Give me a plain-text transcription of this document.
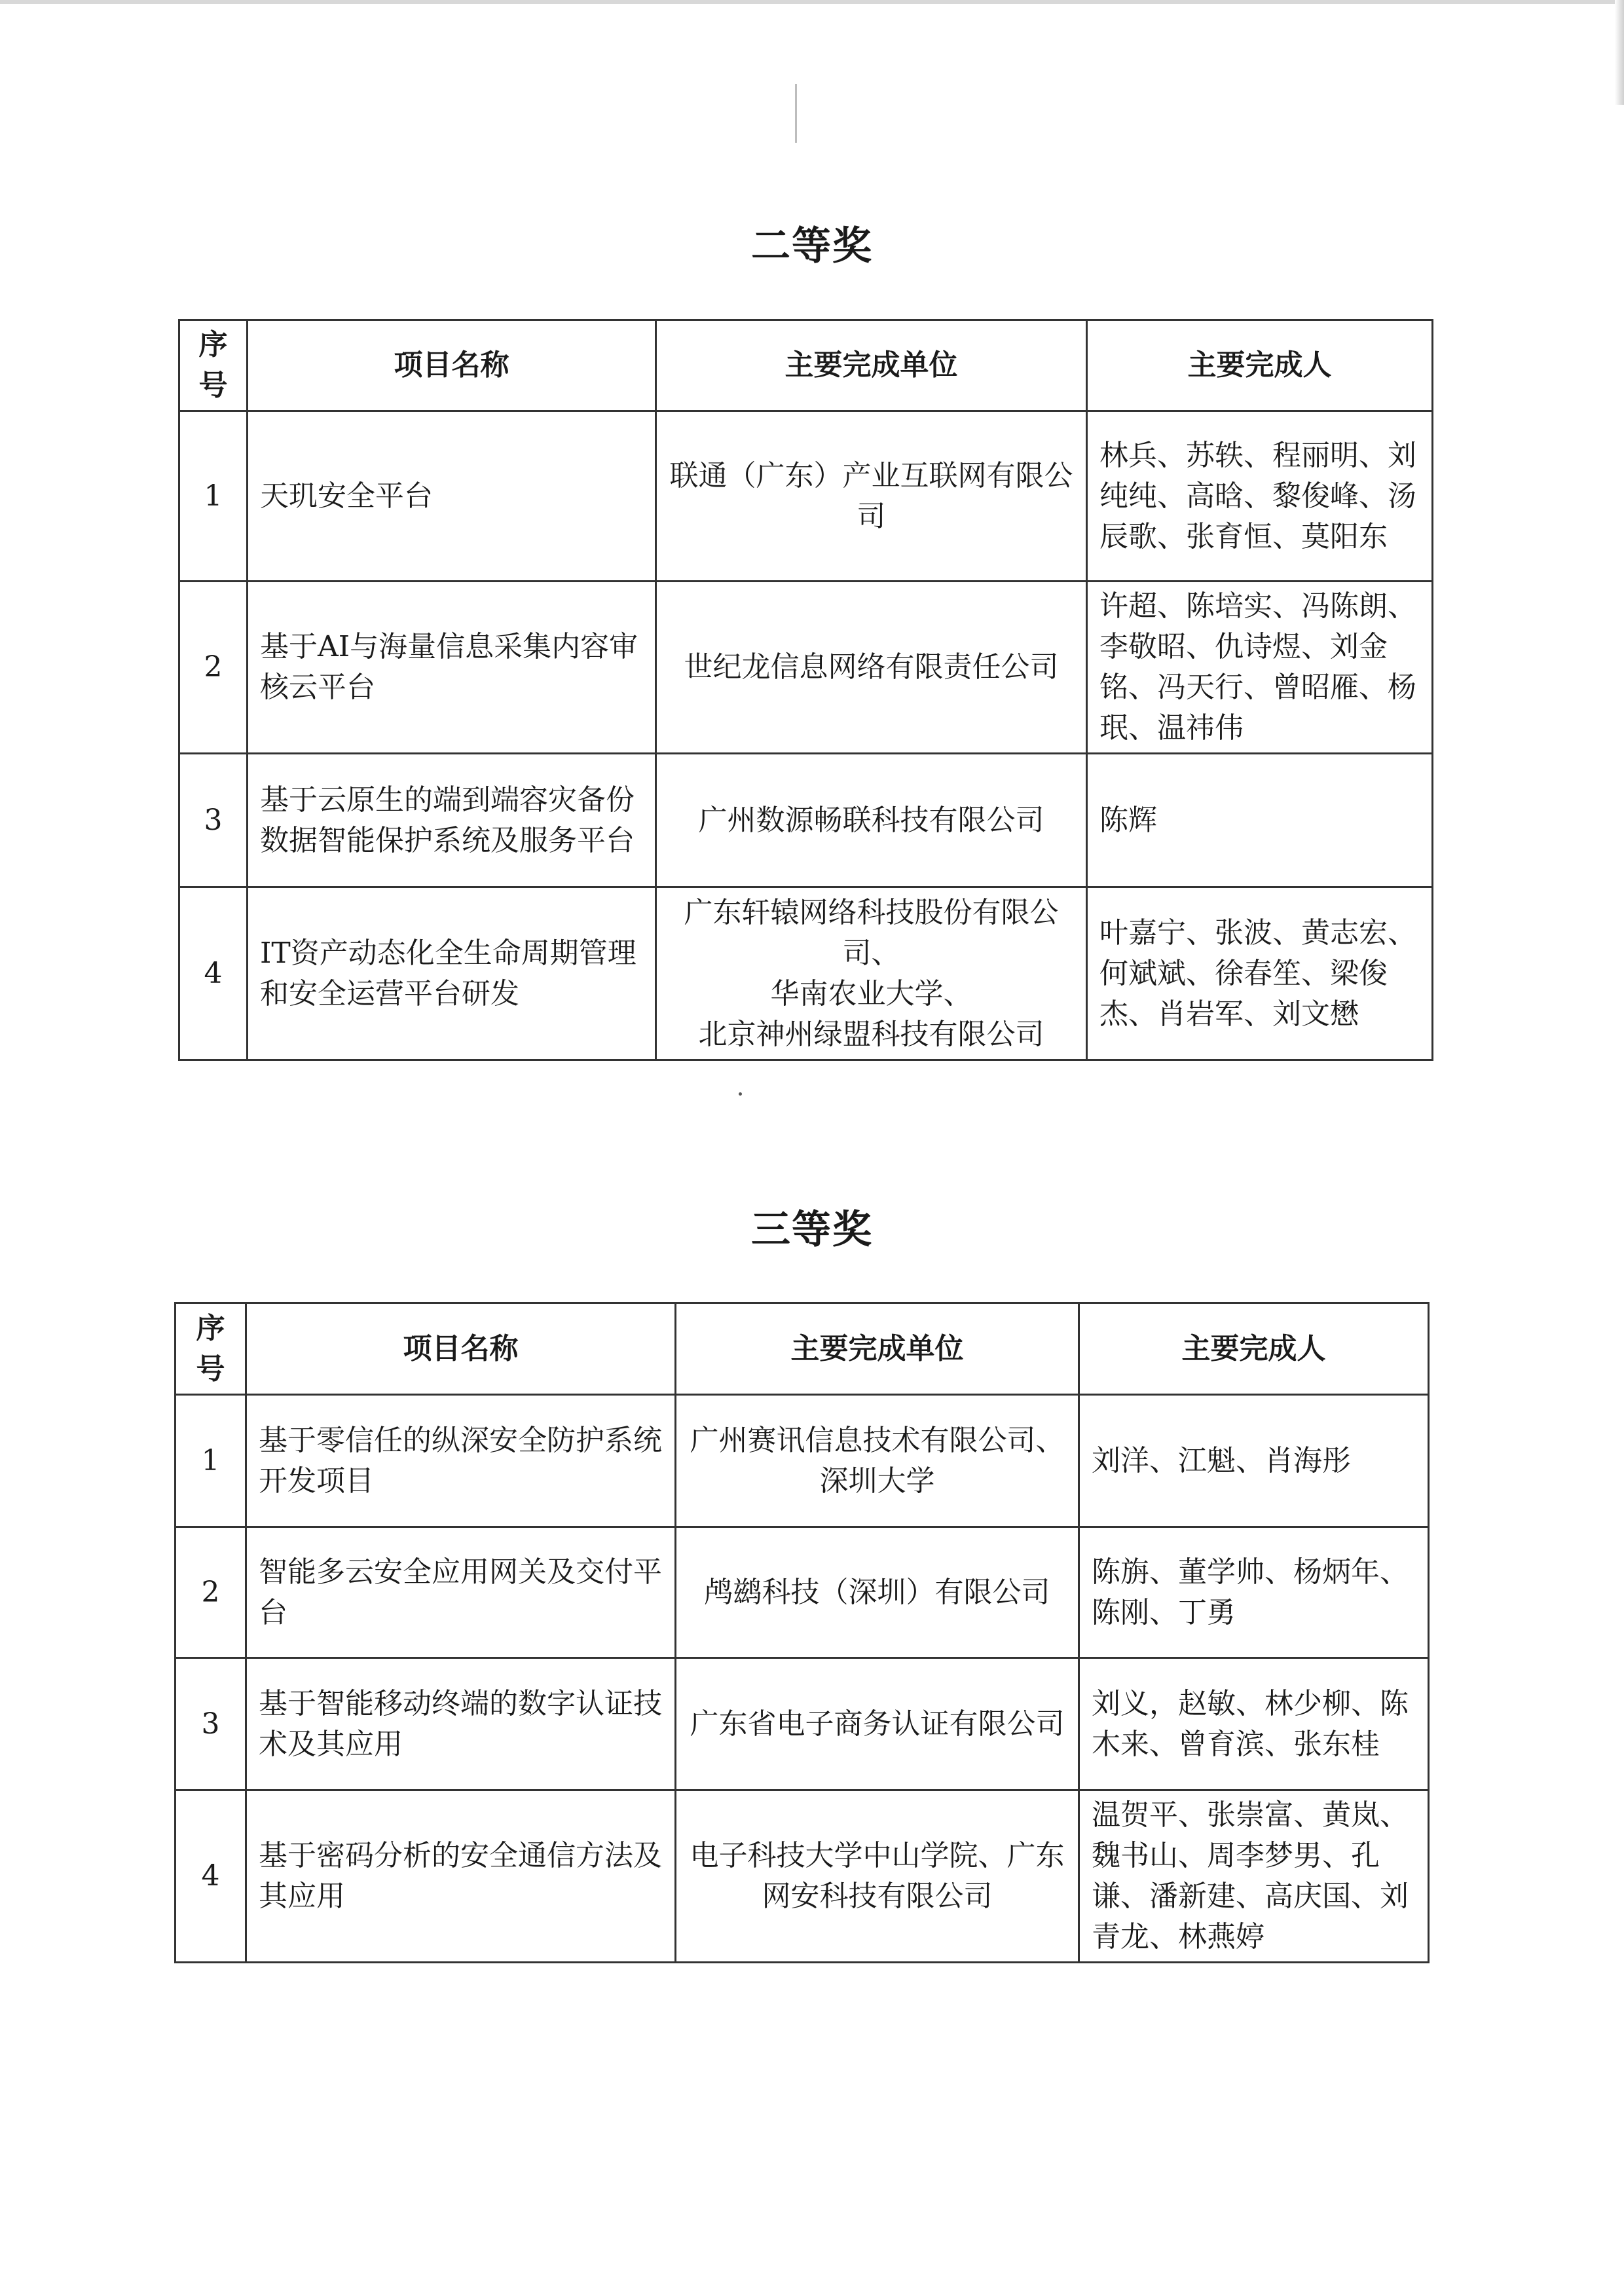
二等奖
序号	项目名称	主要完成单位	主要完成人
1	天玑安全平台	联通（广东）产业互联网有限公司	林兵、苏轶、程丽明、刘纯纯、高晗、黎俊峰、汤辰歌、张育恒、莫阳东
2	基于AI与海量信息采集内容审核云平台	世纪龙信息网络有限责任公司	许超、陈培实、冯陈朗、李敬昭、仇诗煜、刘金铭、冯天行、曾昭雁、杨珉、温祎伟
3	基于云原生的端到端容灾备份数据智能保护系统及服务平台	广州数源畅联科技有限公司	陈辉
4	IT资产动态化全生命周期管理和安全运营平台研发	广东轩辕网络科技股份有限公司、
华南农业大学、
北京神州绿盟科技有限公司	叶嘉宁、张波、黄志宏、何斌斌、徐春笙、梁俊杰、肖岩军、刘文懋
三等奖
序号	项目名称	主要完成单位	主要完成人
1	基于零信任的纵深安全防护系统开发项目	广州赛讯信息技术有限公司、深圳大学	刘洋、江魁、肖海彤
2	智能多云安全应用网关及交付平台	鸬鹚科技（深圳）有限公司	陈旃、董学帅、杨炳年、陈刚、丁勇
3	基于智能移动终端的数字认证技术及其应用	广东省电子商务认证有限公司	刘义，赵敏、林少柳、陈木来、曾育滨、张东桂
4	基于密码分析的安全通信方法及其应用	电子科技大学中山学院、广东网安科技有限公司	温贺平、张崇富、黄岚、魏书山、周李梦男、孔谦、潘新建、高庆国、刘青龙、林燕婷
